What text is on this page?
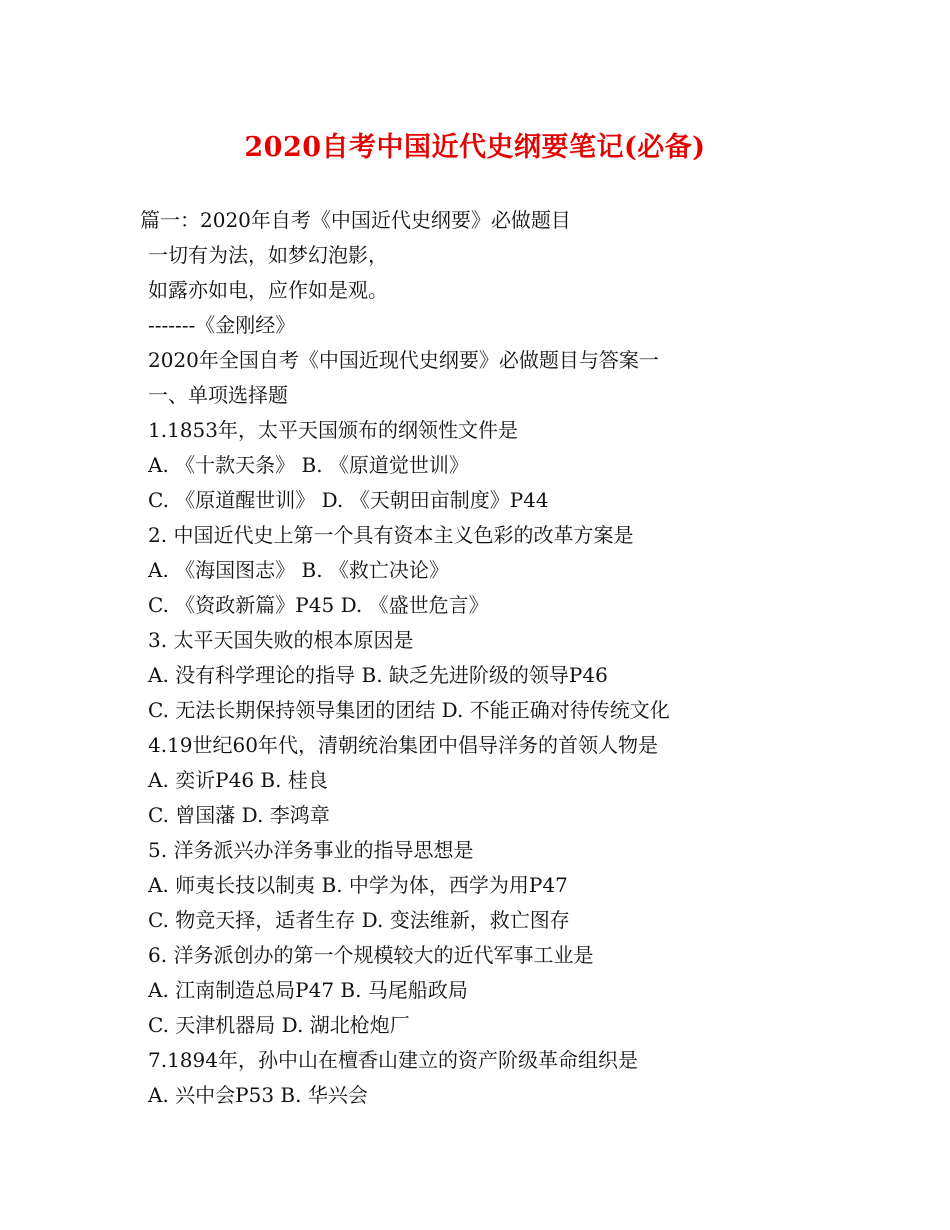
2020自考中国近代史纲要笔记(必备)
篇一：2020年自考《中国近代史纲要》必做题目
一切有为法，如梦幻泡影，
如露亦如电，应作如是观。
-------《金刚经》
2020年全国自考《中国近现代史纲要》必做题目与答案一
一、单项选择题
1.1853年，太平天国颁布的纲领性文件是
A. 《十款天条》 B. 《原道觉世训》
C. 《原道醒世训》 D. 《天朝田亩制度》P44
2. 中国近代史上第一个具有资本主义色彩的改革方案是
A. 《海国图志》 B. 《救亡决论》
C. 《资政新篇》P45 D. 《盛世危言》
3. 太平天国失败的根本原因是
A. 没有科学理论的指导 B. 缺乏先进阶级的领导P46
C. 无法长期保持领导集团的团结 D. 不能正确对待传统文化
4.19世纪60年代，清朝统治集团中倡导洋务的首领人物是
A. 奕䜣P46 B. 桂良
C. 曾国藩 D. 李鸿章
5. 洋务派兴办洋务事业的指导思想是
A. 师夷长技以制夷 B. 中学为体，西学为用P47
C. 物竞天择，适者生存 D. 变法维新，救亡图存
6. 洋务派创办的第一个规模较大的近代军事工业是
A. 江南制造总局P47 B. 马尾船政局
C. 天津机器局 D. 湖北枪炮厂
7.1894年，孙中山在檀香山建立的资产阶级革命组织是
A. 兴中会P53 B. 华兴会
